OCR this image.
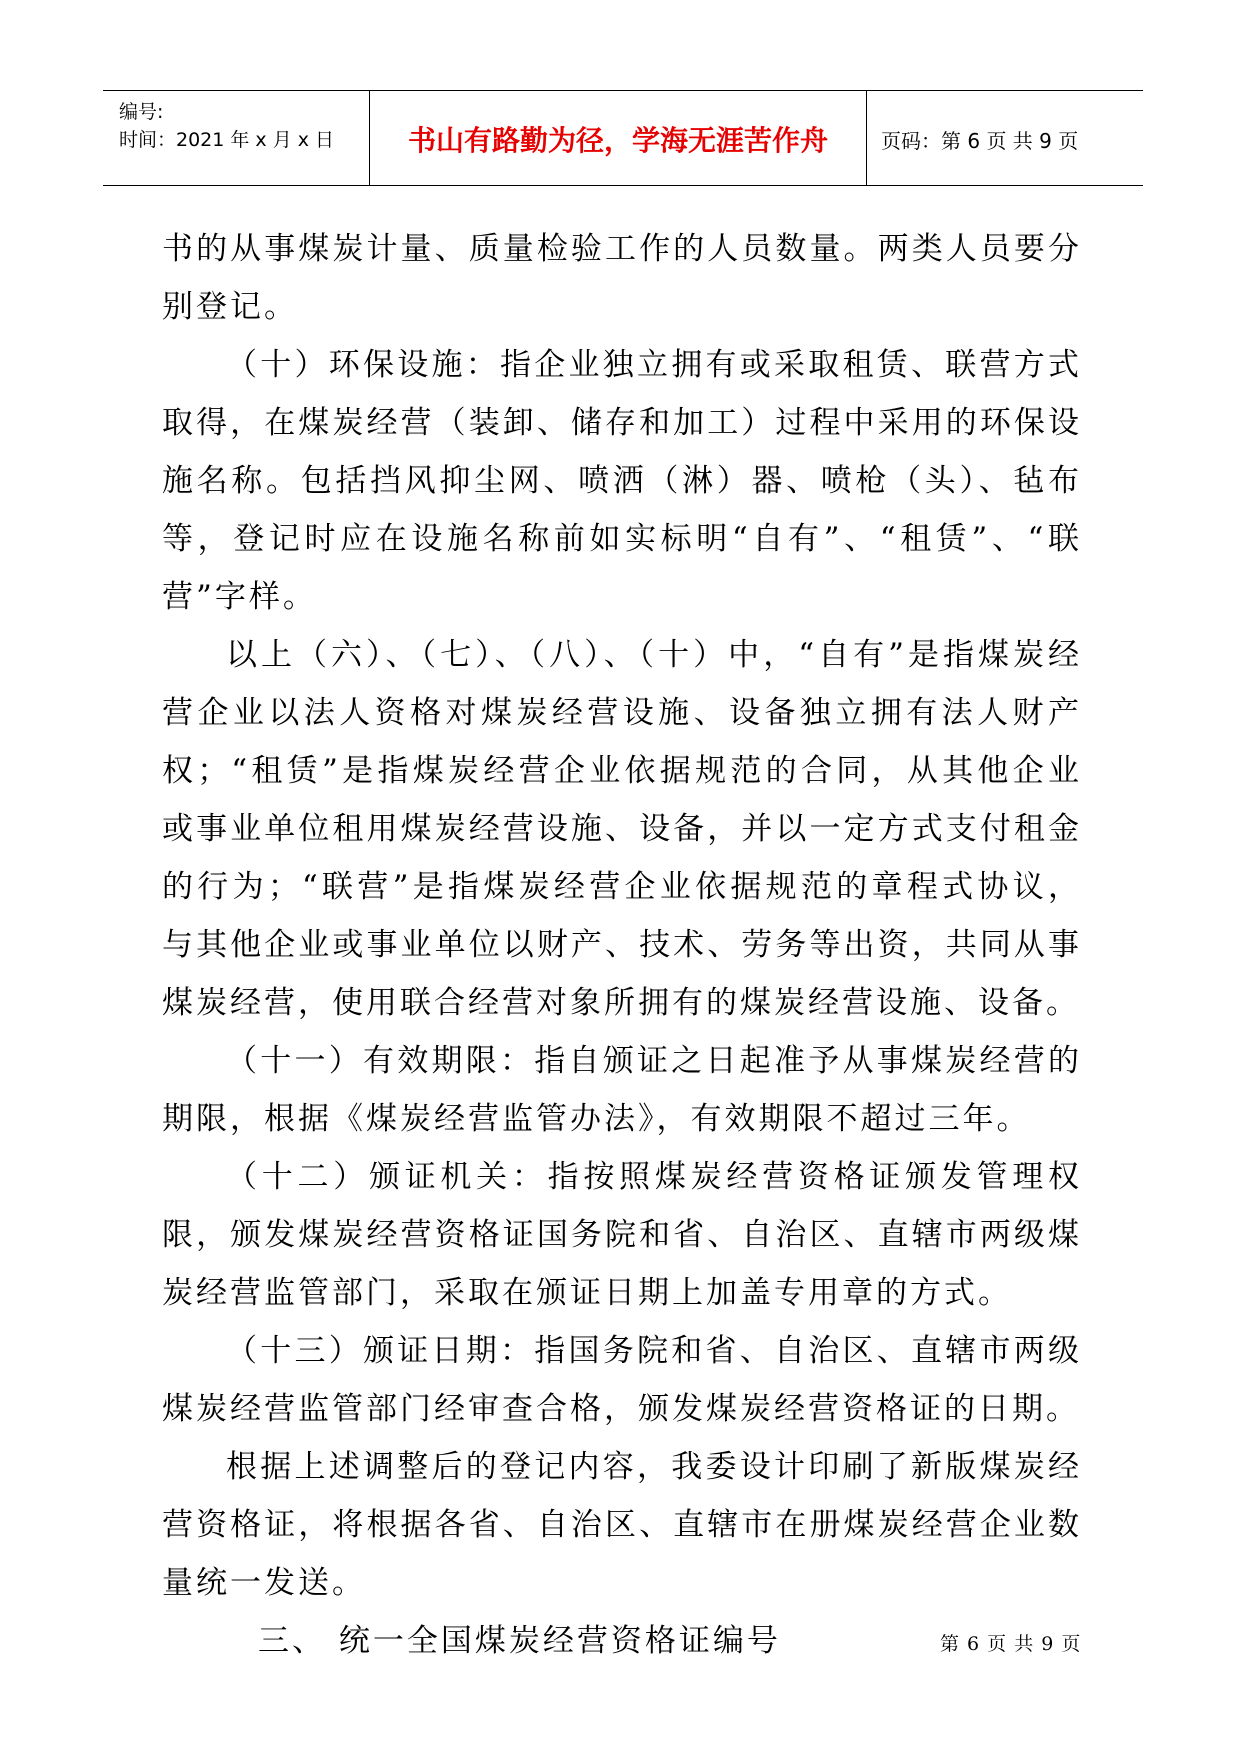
编号:
时间：2021 年 x 月 x 日	书山有路勤为径，学海无涯苦作舟	页码：第 6 页 共 9 页

书的从事煤炭计量、质量检验工作的人员数量。两类人员要分别登记。

（十）环保设施：指企业独立拥有或采取租赁、联营方式取得，在煤炭经营（装卸、储存和加工）过程中采用的环保设施名称。包括挡风抑尘网、喷洒（淋）器、喷枪（头）、毡布等，登记时应在设施名称前如实标明“自有”、“租赁”、“联营”字样。

以上（六）、（七）、（八）、（十）中，“自有”是指煤炭经营企业以法人资格对煤炭经营设施、设备独立拥有法人财产权；“租赁”是指煤炭经营企业依据规范的合同，从其他企业或事业单位租用煤炭经营设施、设备，并以一定方式支付租金的行为；“联营”是指煤炭经营企业依据规范的章程式协议，与其他企业或事业单位以财产、技术、劳务等出资，共同从事煤炭经营，使用联合经营对象所拥有的煤炭经营设施、设备。

（十一）有效期限：指自颁证之日起准予从事煤炭经营的期限，根据《煤炭经营监管办法》，有效期限不超过三年。

（十二）颁证机关：指按照煤炭经营资格证颁发管理权限，颁发煤炭经营资格证国务院和省、自治区、直辖市两级煤炭经营监管部门，采取在颁证日期上加盖专用章的方式。

（十三）颁证日期：指国务院和省、自治区、直辖市两级煤炭经营监管部门经审查合格，颁发煤炭经营资格证的日期。

根据上述调整后的登记内容，我委设计印刷了新版煤炭经营资格证，将根据各省、自治区、直辖市在册煤炭经营企业数量统一发送。

三、 统一全国煤炭经营资格证编号	第 6 页 共 9 页
